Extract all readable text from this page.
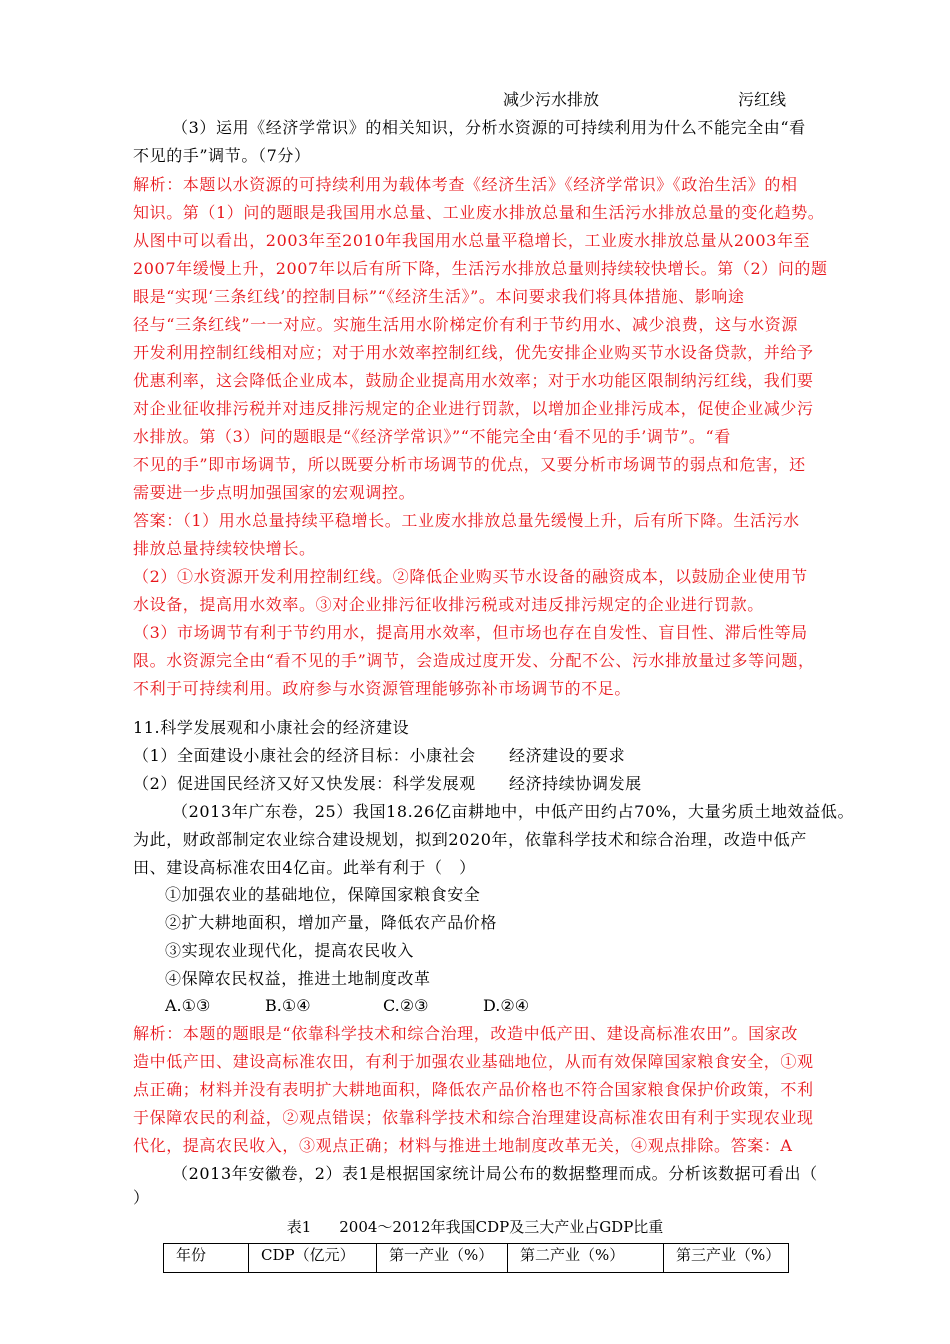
减少污水排放	污红线
（3）运用《经济学常识》的相关知识，分析水资源的可持续利用为什么不能完全由“看
不见的手”调节。（7分）
解析：本题以水资源的可持续利用为载体考查《经济生活》《经济学常识》《政治生活》的相
知识。第（1）问的题眼是我国用水总量、工业废水排放总量和生活污水排放总量的变化趋势。
从图中可以看出，2003年至2010年我国用水总量平稳增长，工业废水排放总量从2003年至
2007年缓慢上升，2007年以后有所下降，生活污水排放总量则持续较快增长。第（2）问的题
眼是“实现‘三条红线’的控制目标”“《经济生活》”。本问要求我们将具体措施、影响途
径与“三条红线”一一对应。实施生活用水阶梯定价有利于节约用水、减少浪费，这与水资源
开发利用控制红线相对应；对于用水效率控制红线，优先安排企业购买节水设备贷款，并给予
优惠利率，这会降低企业成本，鼓励企业提高用水效率；对于水功能区限制纳污红线，我们要
对企业征收排污税并对违反排污规定的企业进行罚款，以增加企业排污成本，促使企业减少污
水排放。第（3）问的题眼是“《经济学常识》”“不能完全由‘看不见的手’调节”。“看
不见的手”即市场调节，所以既要分析市场调节的优点，又要分析市场调节的弱点和危害，还
需要进一步点明加强国家的宏观调控。
答案：（1）用水总量持续平稳增长。工业废水排放总量先缓慢上升，后有所下降。生活污水
排放总量持续较快增长。
（2）①水资源开发利用控制红线。②降低企业购买节水设备的融资成本，以鼓励企业使用节
水设备，提高用水效率。③对企业排污征收排污税或对违反排污规定的企业进行罚款。
（3）市场调节有利于节约用水，提高用水效率，但市场也存在自发性、盲目性、滞后性等局
限。水资源完全由“看不见的手”调节，会造成过度开发、分配不公、污水排放量过多等问题，
不利于可持续利用。政府参与水资源管理能够弥补市场调节的不足。
11.科学发展观和小康社会的经济建设
（1）全面建设小康社会的经济目标：小康社会　　经济建设的要求
（2）促进国民经济又好又快发展：科学发展观　　经济持续协调发展
（2013年广东卷，25）我国18.26亿亩耕地中，中低产田约占70%，大量劣质土地效益低。
为此，财政部制定农业综合建设规划，拟到2020年，依靠科学技术和综合治理，改造中低产
田、建设高标准农田4亿亩。此举有利于（　）
①加强农业的基础地位，保障国家粮食安全
②扩大耕地面积，增加产量，降低农产品价格
③实现农业现代化，提高农民收入
④保障农民权益，推进土地制度改革
A.①③	B.①④	C.②③	D.②④
解析：本题的题眼是“依靠科学技术和综合治理，改造中低产田、建设高标准农田”。国家改
造中低产田、建设高标准农田，有利于加强农业基础地位，从而有效保障国家粮食安全，①观
点正确；材料并没有表明扩大耕地面积，降低农产品价格也不符合国家粮食保护价政策，不利
于保障农民的利益，②观点错误；依靠科学技术和综合治理建设高标准农田有利于实现农业现
代化，提高农民收入，③观点正确；材料与推进土地制度改革无关，④观点排除。答案：A
（2013年安徽卷，2）表1是根据国家统计局公布的数据整理而成。分析该数据可看出（
）
表1 2004～2012年我国CDP及三大产业占GDP比重
年份	CDP（亿元）	第一产业（%）	第二产业（%）	第三产业（%）
